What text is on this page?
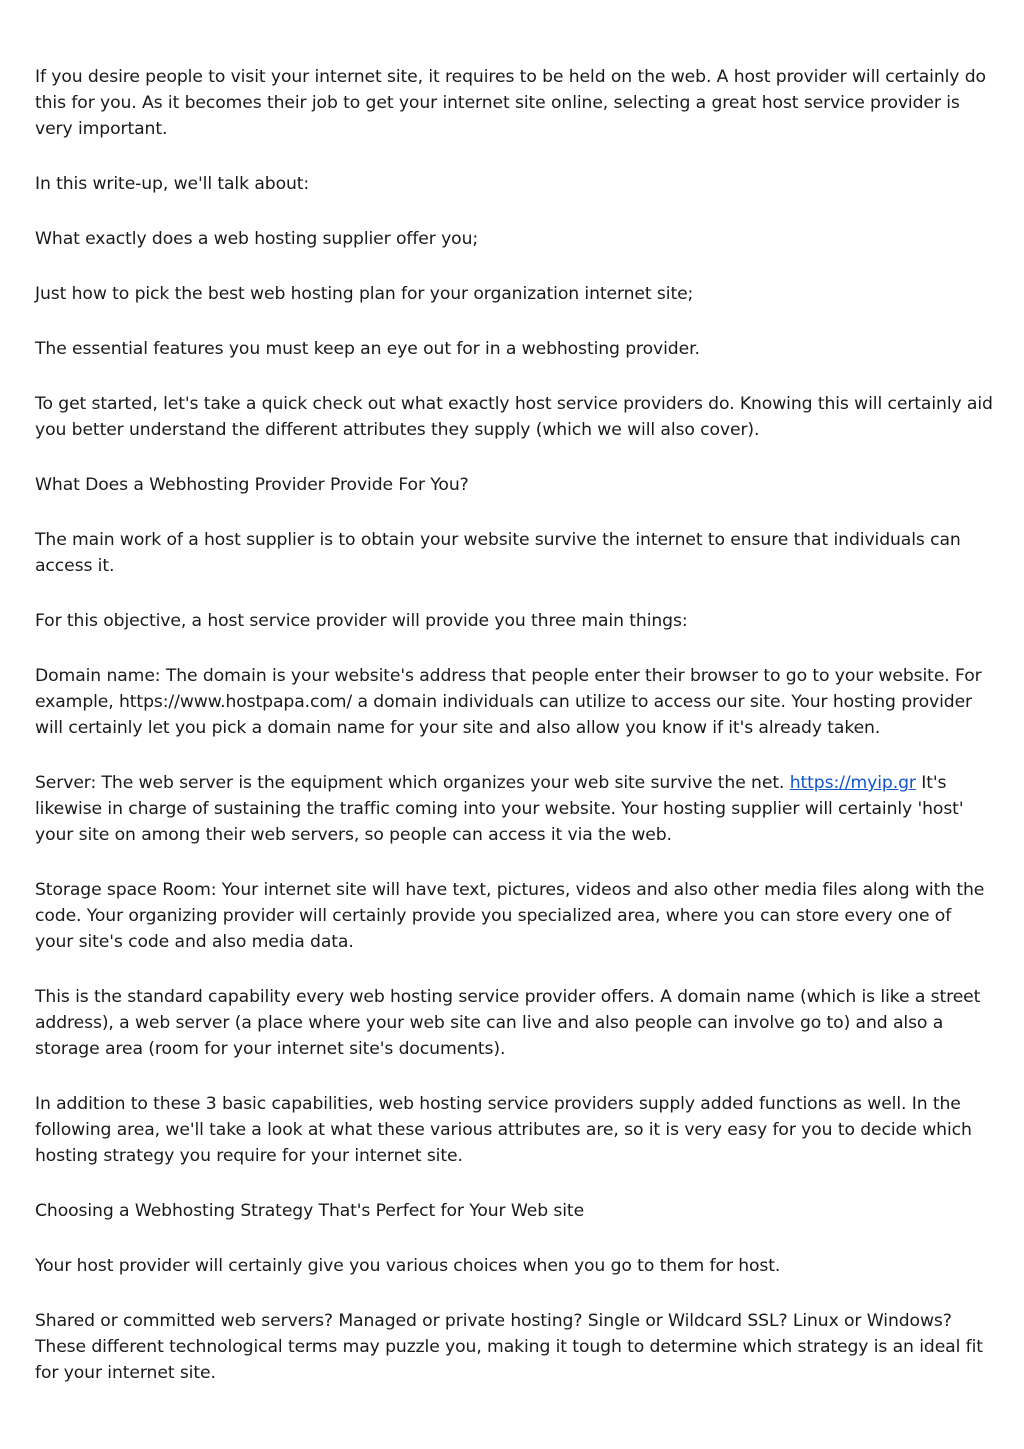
If you desire people to visit your internet site, it requires to be held on the web. A host provider will certainly do this for you. As it becomes their job to get your internet site online, selecting a great host service provider is very important.

In this write-up, we'll talk about:

What exactly does a web hosting supplier offer you;

Just how to pick the best web hosting plan for your organization internet site;

The essential features you must keep an eye out for in a webhosting provider.

To get started, let's take a quick check out what exactly host service providers do. Knowing this will certainly aid you better understand the different attributes they supply (which we will also cover).

What Does a Webhosting Provider Provide For You?

The main work of a host supplier is to obtain your website survive the internet to ensure that individuals can access it.

For this objective, a host service provider will provide you three main things:

Domain name: The domain is your website's address that people enter their browser to go to your website. For example, https://www.hostpapa.com/ a domain individuals can utilize to access our site. Your hosting provider will certainly let you pick a domain name for your site and also allow you know if it's already taken.

Server: The web server is the equipment which organizes your web site survive the net. https://myip.gr It's likewise in charge of sustaining the traffic coming into your website. Your hosting supplier will certainly 'host' your site on among their web servers, so people can access it via the web.

Storage space Room: Your internet site will have text, pictures, videos and also other media files along with the code. Your organizing provider will certainly provide you specialized area, where you can store every one of your site's code and also media data.

This is the standard capability every web hosting service provider offers. A domain name (which is like a street address), a web server (a place where your web site can live and also people can involve go to) and also a storage area (room for your internet site's documents).

In addition to these 3 basic capabilities, web hosting service providers supply added functions as well. In the following area, we'll take a look at what these various attributes are, so it is very easy for you to decide which hosting strategy you require for your internet site.

Choosing a Webhosting Strategy That's Perfect for Your Web site

Your host provider will certainly give you various choices when you go to them for host.

Shared or committed web servers? Managed or private hosting? Single or Wildcard SSL? Linux or Windows? These different technological terms may puzzle you, making it tough to determine which strategy is an ideal fit for your internet site.
